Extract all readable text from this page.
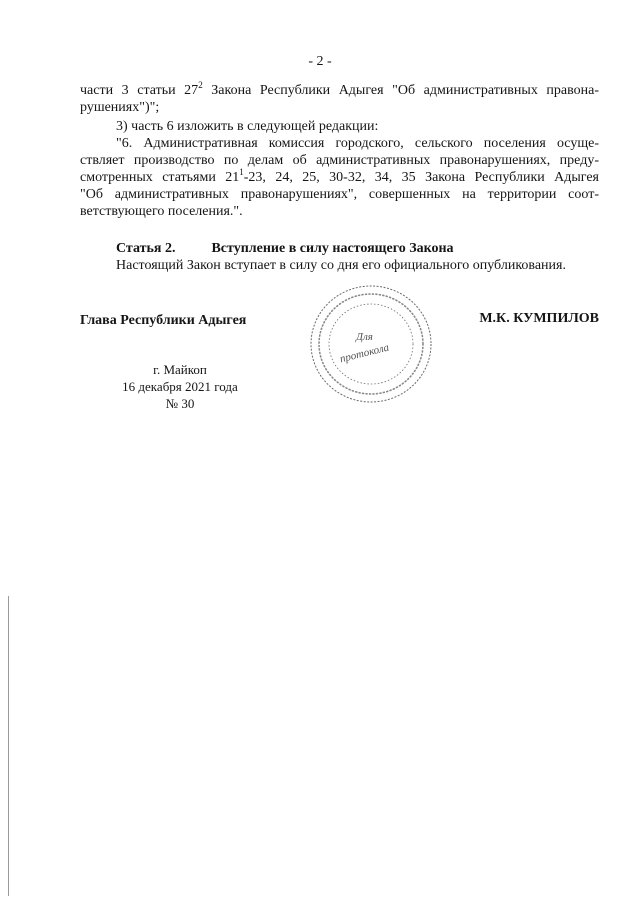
- 2 -
части 3 статьи $27^2$ Закона Республики Адыгея "Об административных правона-
рушениях")";
3) часть 6 изложить в следующей редакции:
"6. Административная комиссия городского, сельского поселения осуще-
ствляет производство по делам об административных правонарушениях, преду-
смотренных статьями $21^1-23$, 24, 25, 30-32, 34, 35 Закона Республики Адыгея
"Об административных правонарушениях", совершенных на территории соот-
ветствующего поселения.".
Статья 2.	Вступление в силу настоящего Закона
Настоящий Закон вступает в силу со дня его официального опубликования.
Глава Республики Адыгея	М.К. КУМПИЛОВ
г. Майкоп
16 декабря 2021 года
№ 30
Для
протокола
